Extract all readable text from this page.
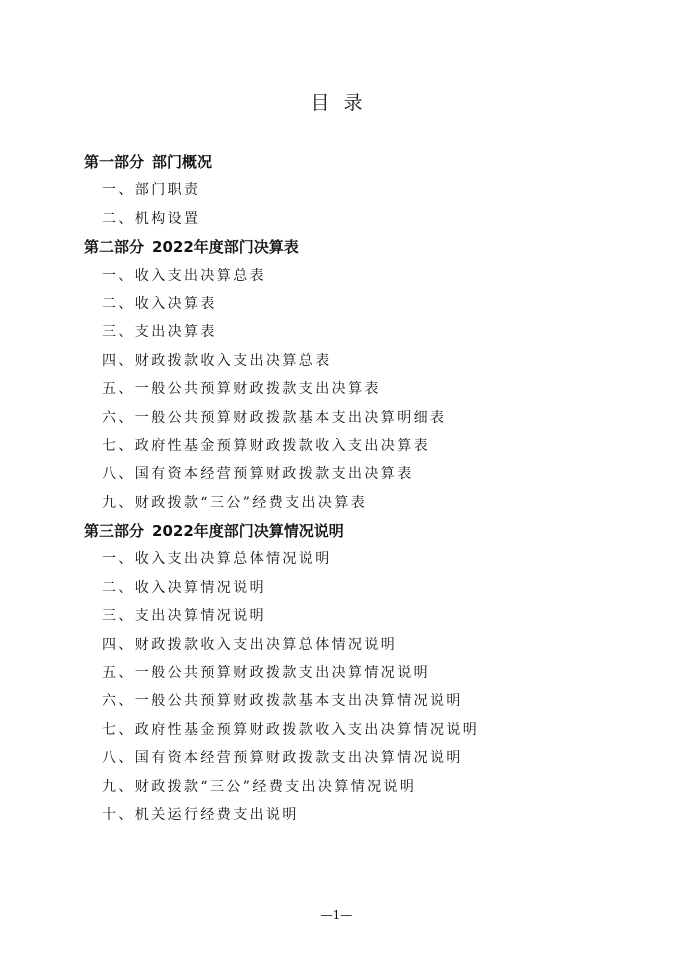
目录
第一部分 部门概况
一、部门职责
二、机构设置
第二部分 2022年度部门决算表
一、收入支出决算总表
二、收入决算表
三、支出决算表
四、财政拨款收入支出决算总表
五、一般公共预算财政拨款支出决算表
六、一般公共预算财政拨款基本支出决算明细表
七、政府性基金预算财政拨款收入支出决算表
八、国有资本经营预算财政拨款支出决算表
九、财政拨款“三公”经费支出决算表
第三部分 2022年度部门决算情况说明
一、收入支出决算总体情况说明
二、收入决算情况说明
三、支出决算情况说明
四、财政拨款收入支出决算总体情况说明
五、一般公共预算财政拨款支出决算情况说明
六、一般公共预算财政拨款基本支出决算情况说明
七、政府性基金预算财政拨款收入支出决算情况说明
八、国有资本经营预算财政拨款支出决算情况说明
九、财政拨款“三公”经费支出决算情况说明
十、机关运行经费支出说明
—1—
